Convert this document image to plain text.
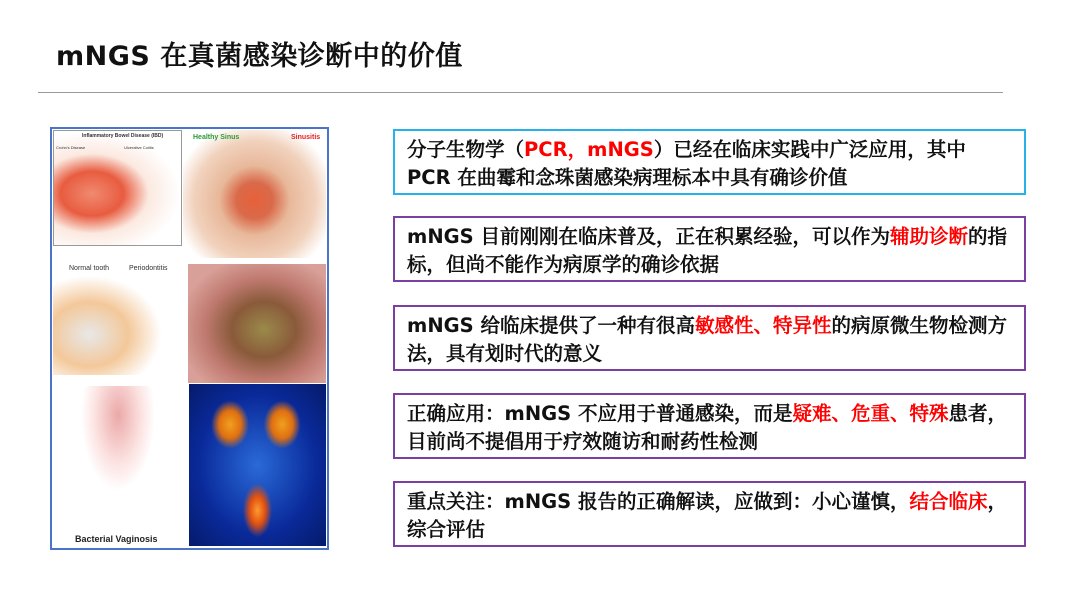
mNGS 在真菌感染诊断中的价值
Inflammatory Bowel Disease (IBD)
Crohn's Disease	Ulcerative Colitis
Healthy Sinus	Sinusitis
Normal tooth	Periodontitis
Bacterial Vaginosis
分子生物学（PCR，mNGS）已经在临床实践中广泛应用，其中 PCR 在曲霉和念珠菌感染病理标本中具有确诊价值
mNGS 目前刚刚在临床普及，正在积累经验，可以作为辅助诊断的指标，但尚不能作为病原学的确诊依据
mNGS 给临床提供了一种有很高敏感性、特异性的病原微生物检测方法，具有划时代的意义
正确应用：mNGS 不应用于普通感染，而是疑难、危重、特殊患者，目前尚不提倡用于疗效随访和耐药性检测
重点关注：mNGS 报告的正确解读，应做到：小心谨慎，结合临床，综合评估
